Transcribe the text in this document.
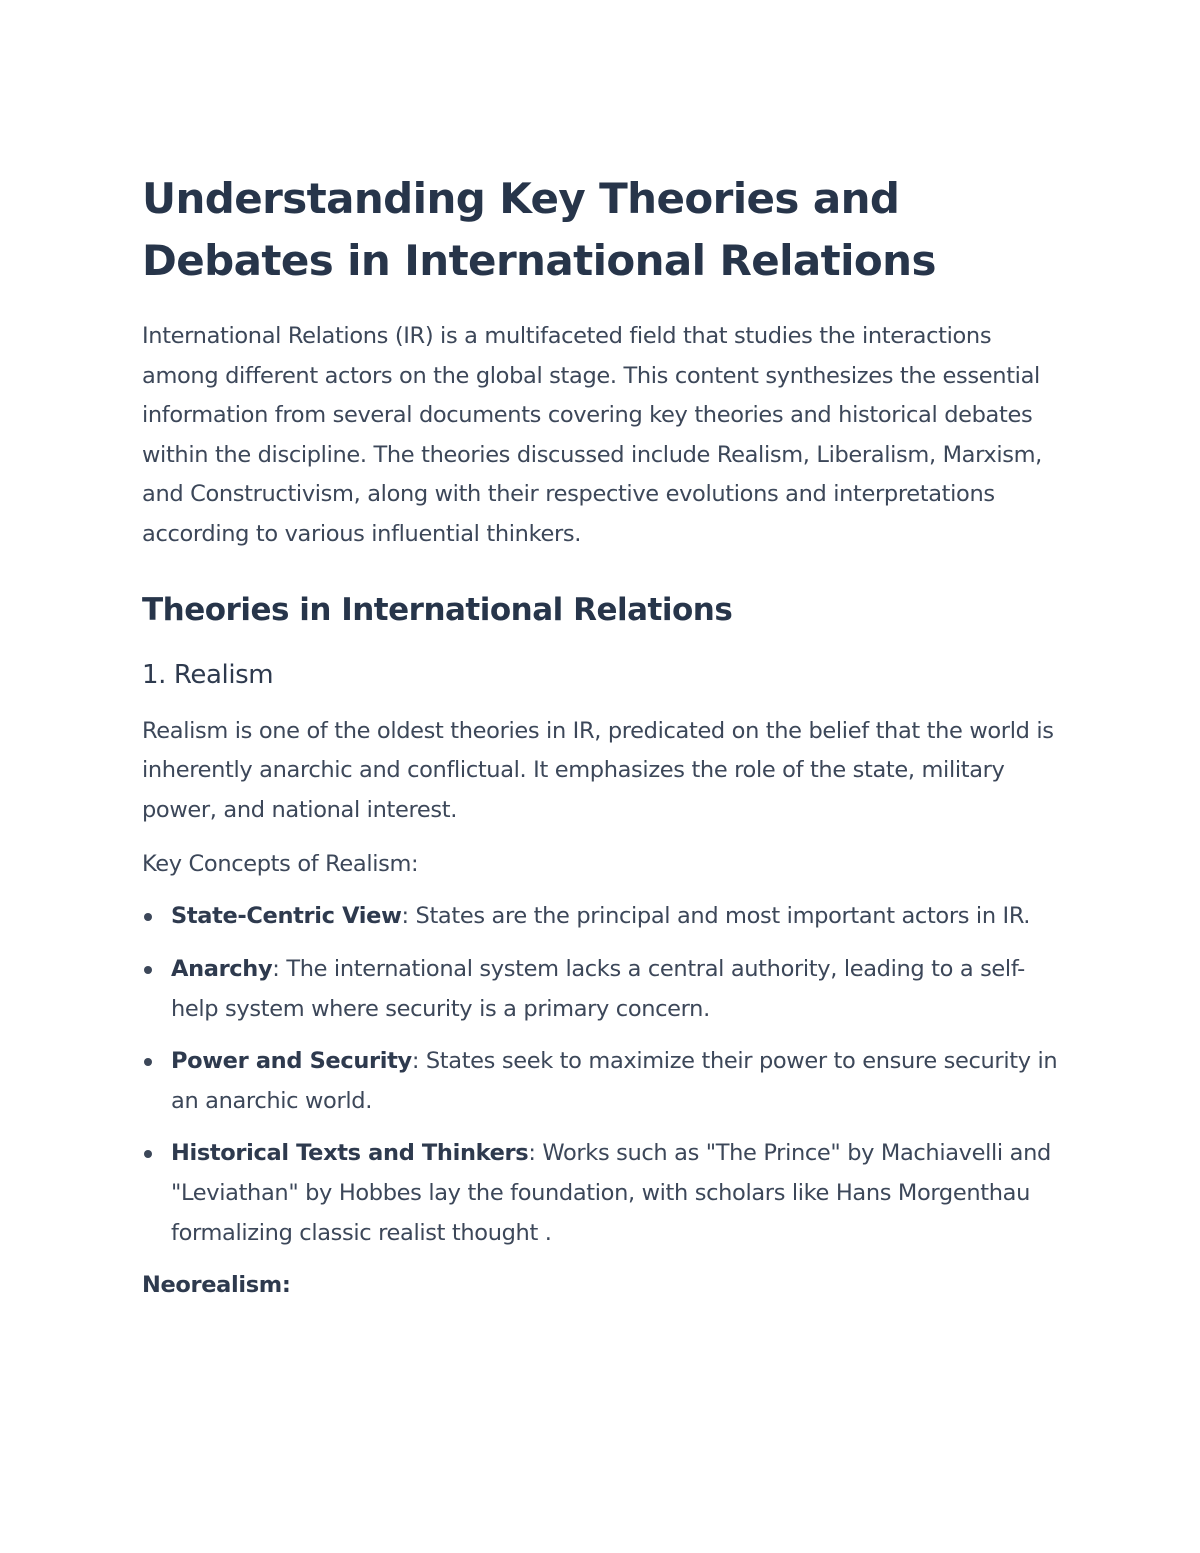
Understanding Key Theories and Debates in International Relations

International Relations (IR) is a multifaceted field that studies the interactions among different actors on the global stage. This content synthesizes the essential information from several documents covering key theories and historical debates within the discipline. The theories discussed include Realism, Liberalism, Marxism, and Constructivism, along with their respective evolutions and interpretations according to various influential thinkers.

Theories in International Relations
1. Realism

Realism is one of the oldest theories in IR, predicated on the belief that the world is inherently anarchic and conflictual. It emphasizes the role of the state, military power, and national interest.

Key Concepts of Realism:

State-Centric View: States are the principal and most important actors in IR.
Anarchy: The international system lacks a central authority, leading to a self-help system where security is a primary concern.
Power and Security: States seek to maximize their power to ensure security in an anarchic world.
Historical Texts and Thinkers: Works such as "The Prince" by Machiavelli and "Leviathan" by Hobbes lay the foundation, with scholars like Hans Morgenthau formalizing classic realist thought .

Neorealism:
